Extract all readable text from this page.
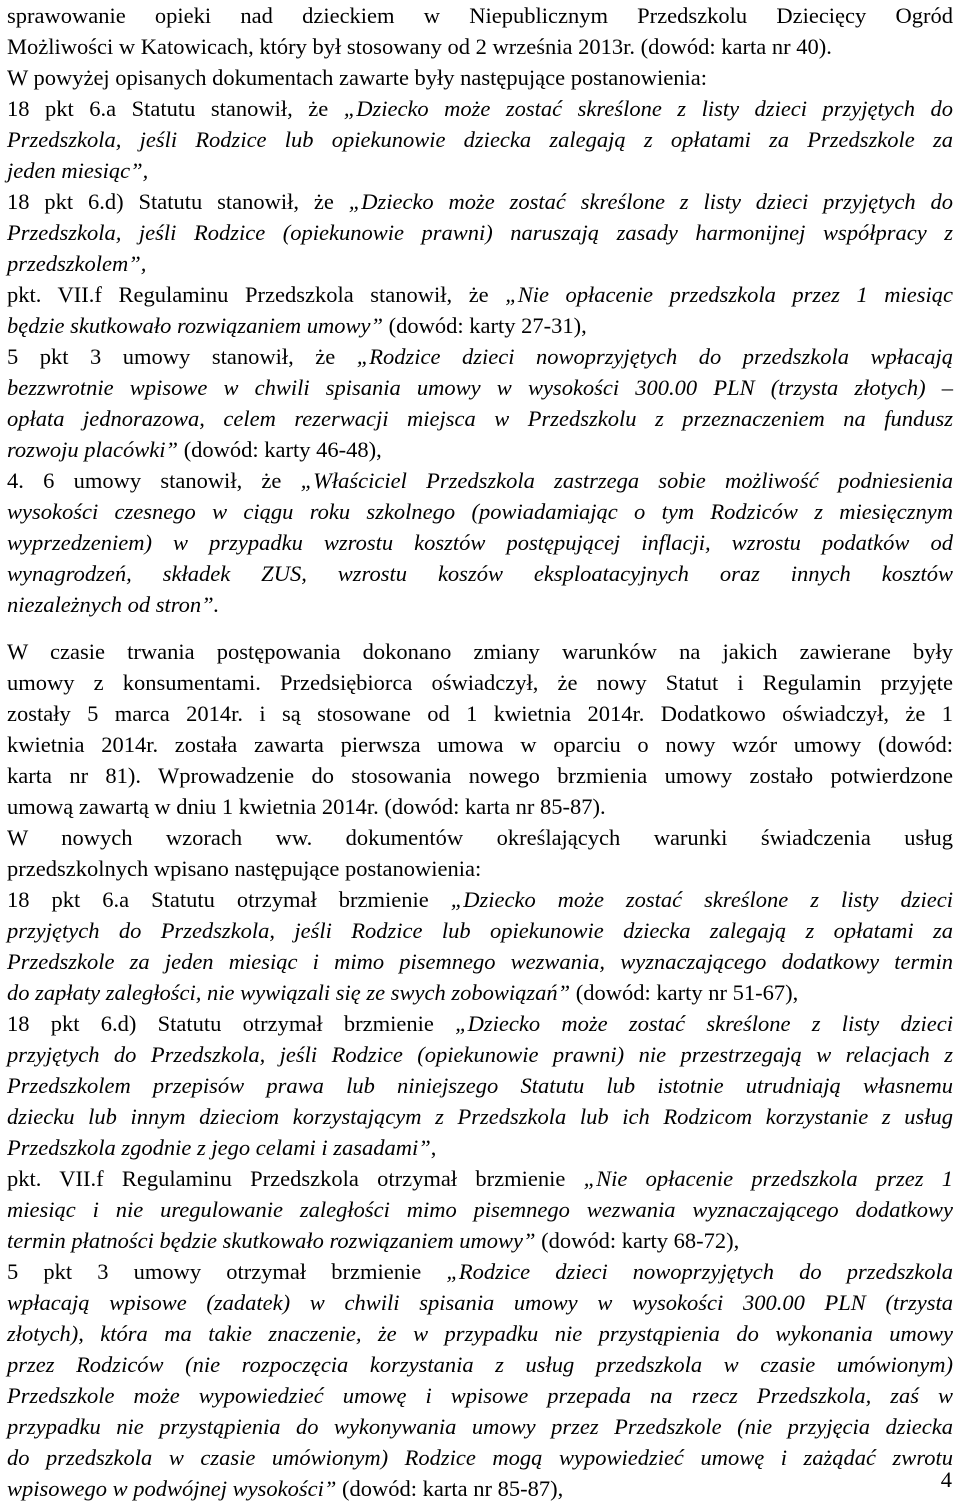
sprawowanie opieki nad dzieckiem w Niepublicznym Przedszkolu Dziecięcy Ogród
Możliwości w Katowicach, który był stosowany od 2 września 2013r. (dowód: karta nr 40).
W powyżej opisanych dokumentach zawarte były następujące postanowienia:
18 pkt 6.a Statutu stanowił, że „Dziecko może zostać skreślone z listy dzieci przyjętych do
Przedszkola, jeśli Rodzice lub opiekunowie dziecka zalegają z opłatami za Przedszkole za
jeden miesiąc”,
18 pkt 6.d) Statutu stanowił, że „Dziecko może zostać skreślone z listy dzieci przyjętych do
Przedszkola, jeśli Rodzice (opiekunowie prawni) naruszają zasady harmonijnej współpracy z
przedszkolem”,
pkt. VII.f Regulaminu Przedszkola stanowił, że „Nie opłacenie przedszkola przez 1 miesiąc
będzie skutkowało rozwiązaniem umowy” (dowód: karty 27-31),
5 pkt 3 umowy stanowił, że „Rodzice dzieci nowoprzyjętych do przedszkola wpłacają
bezzwrotnie wpisowe w chwili spisania umowy w wysokości 300.00 PLN (trzysta złotych) –
opłata jednorazowa, celem rezerwacji miejsca w Przedszkolu z przeznaczeniem na fundusz
rozwoju placówki” (dowód: karty 46-48),
4. 6 umowy stanowił, że „Właściciel Przedszkola zastrzega sobie możliwość podniesienia
wysokości czesnego w ciągu roku szkolnego (powiadamiając o tym Rodziców z miesięcznym
wyprzedzeniem) w przypadku wzrostu kosztów postępującej inflacji, wzrostu podatków od
wynagrodzeń, składek ZUS, wzrostu koszów eksploatacyjnych oraz innych kosztów
niezależnych od stron”.
W czasie trwania postępowania dokonano zmiany warunków na jakich zawierane były
umowy z konsumentami. Przedsiębiorca oświadczył, że nowy Statut i Regulamin przyjęte
zostały 5 marca 2014r. i są stosowane od 1 kwietnia 2014r. Dodatkowo oświadczył, że 1
kwietnia 2014r. została zawarta pierwsza umowa w oparciu o nowy wzór umowy (dowód:
karta nr 81). Wprowadzenie do stosowania nowego brzmienia umowy zostało potwierdzone
umową zawartą w dniu 1 kwietnia 2014r. (dowód: karta nr 85-87).
W nowych wzorach ww. dokumentów określających warunki świadczenia usług
przedszkolnych wpisano następujące postanowienia:
18 pkt 6.a Statutu otrzymał brzmienie „Dziecko może zostać skreślone z listy dzieci
przyjętych do Przedszkola, jeśli Rodzice lub opiekunowie dziecka zalegają z opłatami za
Przedszkole za jeden miesiąc i mimo pisemnego wezwania, wyznaczającego dodatkowy termin
do zapłaty zaległości, nie wywiązali się ze swych zobowiązań” (dowód: karty nr 51-67),
18 pkt 6.d) Statutu otrzymał brzmienie „Dziecko może zostać skreślone z listy dzieci
przyjętych do Przedszkola, jeśli Rodzice (opiekunowie prawni) nie przestrzegają w relacjach z
Przedszkolem przepisów prawa lub niniejszego Statutu lub istotnie utrudniają własnemu
dziecku lub innym dzieciom korzystającym z Przedszkola lub ich Rodzicom korzystanie z usług
Przedszkola zgodnie z jego celami i zasadami”,
pkt. VII.f Regulaminu Przedszkola otrzymał brzmienie „Nie opłacenie przedszkola przez 1
miesiąc i nie uregulowanie zaległości mimo pisemnego wezwania wyznaczającego dodatkowy
termin płatności będzie skutkowało rozwiązaniem umowy” (dowód: karty 68-72),
5 pkt 3 umowy otrzymał brzmienie „Rodzice dzieci nowoprzyjętych do przedszkola
wpłacają wpisowe (zadatek) w chwili spisania umowy w wysokości 300.00 PLN (trzysta
złotych), która ma takie znaczenie, że w przypadku nie przystąpienia do wykonania umowy
przez Rodziców (nie rozpoczęcia korzystania z usług przedszkola w czasie umówionym)
Przedszkole może wypowiedzieć umowę i wpisowe przepada na rzecz Przedszkola, zaś w
przypadku nie przystąpienia do wykonywania umowy przez Przedszkole (nie przyjęcia dziecka
do przedszkola w czasie umówionym) Rodzice mogą wypowiedzieć umowę i zażądać zwrotu
wpisowego w podwójnej wysokości” (dowód: karta nr 85-87),	4
